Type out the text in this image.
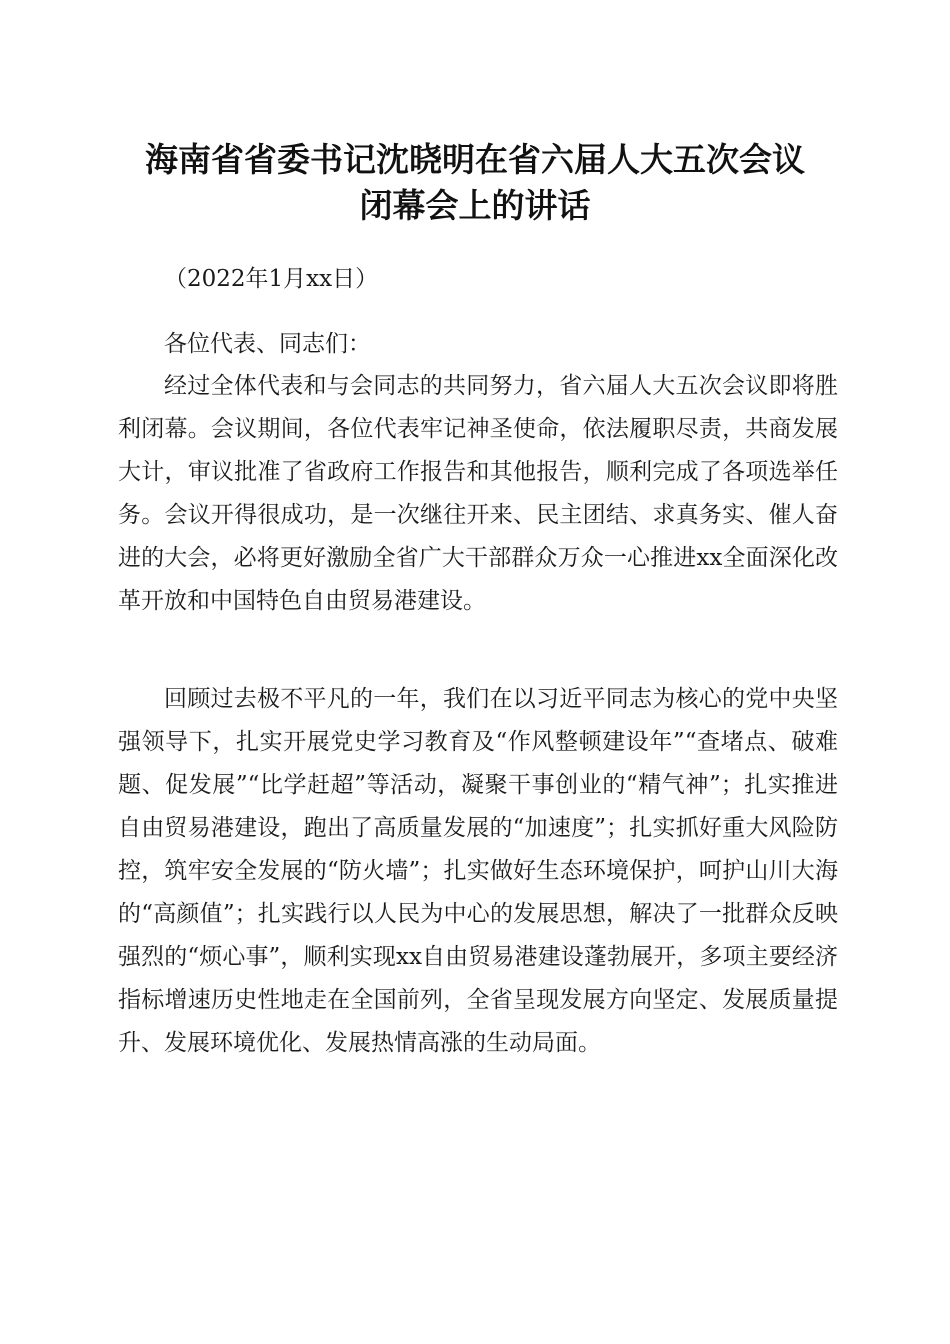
海南省省委书记沈晓明在省六届人大五次会议
闭幕会上的讲话
（2022年1月xx日）
各位代表、同志们：

经过全体代表和与会同志的共同努力，省六届人大五次会议即将胜利闭幕。会议期间，各位代表牢记神圣使命，依法履职尽责，共商发展大计，审议批准了省政府工作报告和其他报告，顺利完成了各项选举任务。会议开得很成功，是一次继往开来、民主团结、求真务实、催人奋进的大会，必将更好激励全省广大干部群众万众一心推进xx全面深化改革开放和中国特色自由贸易港建设。

回顾过去极不平凡的一年，我们在以习近平同志为核心的党中央坚强领导下，扎实开展党史学习教育及“作风整顿建设年”“查堵点、破难题、促发展”“比学赶超”等活动，凝聚干事创业的“精气神”；扎实推进自由贸易港建设，跑出了高质量发展的“加速度”；扎实抓好重大风险防控，筑牢安全发展的“防火墙”；扎实做好生态环境保护，呵护山川大海的“高颜值”；扎实践行以人民为中心的发展思想，解决了一批群众反映强烈的“烦心事”，顺利实现xx自由贸易港建设蓬勃展开，多项主要经济指标增速历史性地走在全国前列，全省呈现发展方向坚定、发展质量提升、发展环境优化、发展热情高涨的生动局面。
